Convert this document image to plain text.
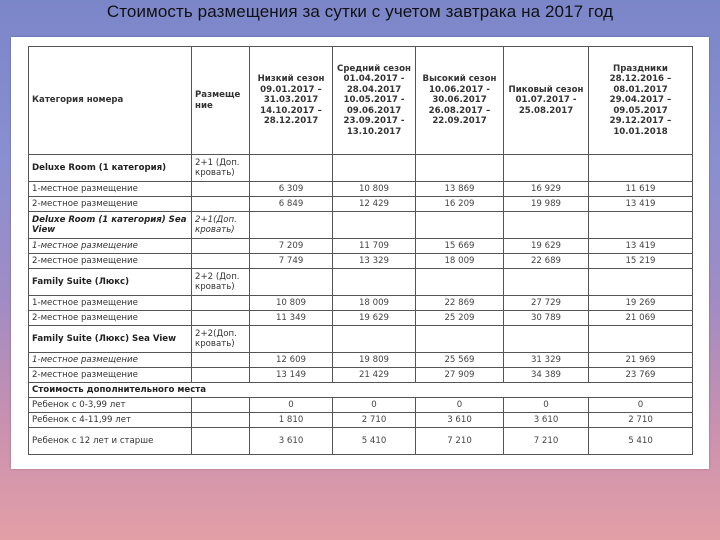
Стоимость размещения за сутки с учетом завтрака на 2017 год
Категория номера	Размеще ние	Низкий сезон 09.01.2017 – 31.03.2017 14.10.2017 – 28.12.2017	Средний сезон 01.04.2017 - 28.04.2017 10.05.2017 - 09.06.2017 23.09.2017 - 13.10.2017	Высокий сезон 10.06.2017 - 30.06.2017 26.08.2017 – 22.09.2017	Пиковый сезон 01.07.2017 - 25.08.2017	Праздники 28.12.2016 – 08.01.2017 29.04.2017 – 09.05.2017 29.12.2017 – 10.01.2018
Deluxe Room (1 категория)	2+1 (Доп. кровать)					
1-местное размещение		6 309	10 809	13 869	16 929	11 619
2-местное размещение		6 849	12 429	16 209	19 989	13 419
Deluxe Room (1 категория) Sea View	2+1(Доп. кровать)					
1-местное размещение		7 209	11 709	15 669	19 629	13 419
2-местное размещение		7 749	13 329	18 009	22 689	15 219
Family Suite (Люкс)	2+2 (Доп. кровать)					
1-местное размещение		10 809	18 009	22 869	27 729	19 269
2-местное размещение		11 349	19 629	25 209	30 789	21 069
Family Suite (Люкс) Sea View	2+2(Доп. кровать)					
1-местное размещение		12 609	19 809	25 569	31 329	21 969
2-местное размещение		13 149	21 429	27 909	34 389	23 769
Стоимость дополнительного места						
Ребенок с 0-3,99 лет		0	0	0	0	0
Ребенок с 4-11,99 лет		1 810	2 710	3 610	3 610	2 710
Ребенок с 12 лет и старше		3 610	5 410	7 210	7 210	5 410
